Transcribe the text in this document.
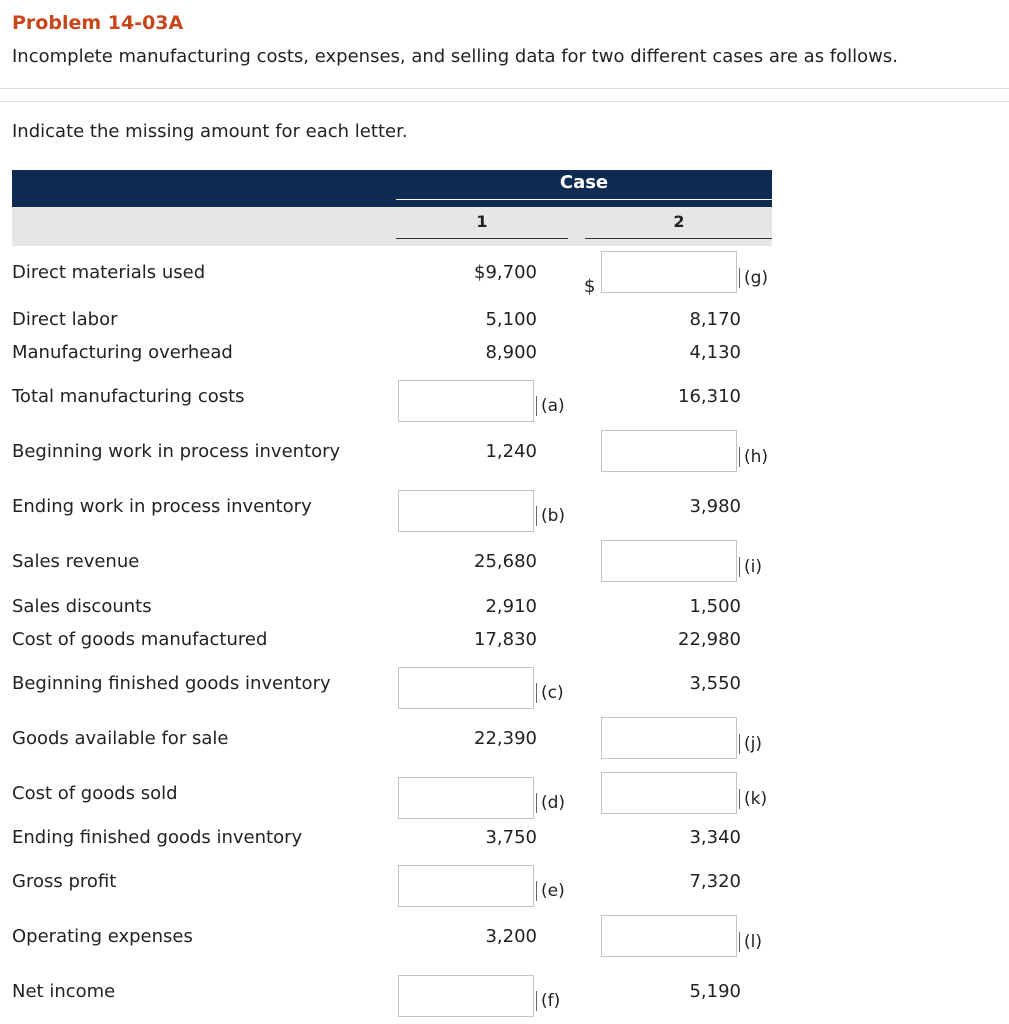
Problem 14-03A
Incomplete manufacturing costs, expenses, and selling data for two different cases are as follows.
Indicate the missing amount for each letter.
Case
1	2
Direct materials used	$9,700	(g)
$
Direct labor	5,100	8,170
Manufacturing overhead	8,900	4,130
Total manufacturing costs	(a)	16,310
Beginning work in process inventory	1,240	(h)
Ending work in process inventory	(b)	3,980
Sales revenue	25,680	(i)
Sales discounts	2,910	1,500
Cost of goods manufactured	17,830	22,980
Beginning finished goods inventory	(c)	3,550
Goods available for sale	22,390	(j)
Cost of goods sold	(d)	(k)
Ending finished goods inventory	3,750	3,340
Gross profit	(e)	7,320
Operating expenses	3,200	(l)
Net income	(f)	5,190
